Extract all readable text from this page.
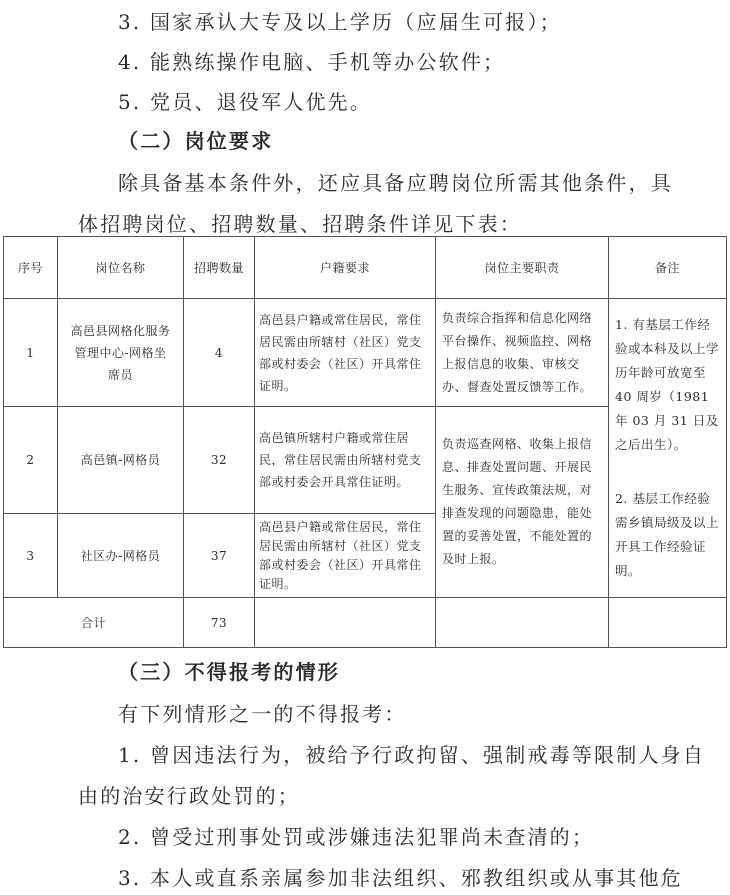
3. 国家承认大专及以上学历（应届生可报）；
4. 能熟练操作电脑、手机等办公软件；
5. 党员、退役军人优先。
（二）岗位要求
除具备基本条件外，还应具备应聘岗位所需其他条件，具
体招聘岗位、招聘数量、招聘条件详见下表：
序号	岗位名称	招聘数量	户籍要求	岗位主要职责	备注
1	高邑县网格化服务管理中心-网格坐席员	4	高邑县户籍或常住居民，常住居民需由所辖村（社区）党支部或村委会（社区）开具常住证明。	负责综合指挥和信息化网络平台操作、视频监控、网格上报信息的收集、审核交办、督查处置反馈等工作。	1. 有基层工作经验或本科及以上学历年龄可放宽至 40 周岁（1981 年 03 月 31 日及之后出生）。
2. 基层工作经验需乡镇局级及以上开具工作经验证明。

2	高邑镇-网格员	32	高邑镇所辖村户籍或常住居民，常住居民需由所辖村党支部或村委会开具常住证明。	负责巡查网格、收集上报信息、排查处置问题、开展民生服务、宣传政策法规，对排查发现的问题隐患，能处置的妥善处置，不能处置的及时上报。	
3	社区办-网格员	37	高邑县户籍或常住居民，常住居民需由所辖村（社区）党支部或村委会（社区）开具常住证明。		
合计		73			
（三）不得报考的情形
有下列情形之一的不得报考：
1. 曾因违法行为，被给予行政拘留、强制戒毒等限制人身自
由的治安行政处罚的；
2. 曾受过刑事处罚或涉嫌违法犯罪尚未查清的；
3. 本人或直系亲属参加非法组织、邪教组织或从事其他危
